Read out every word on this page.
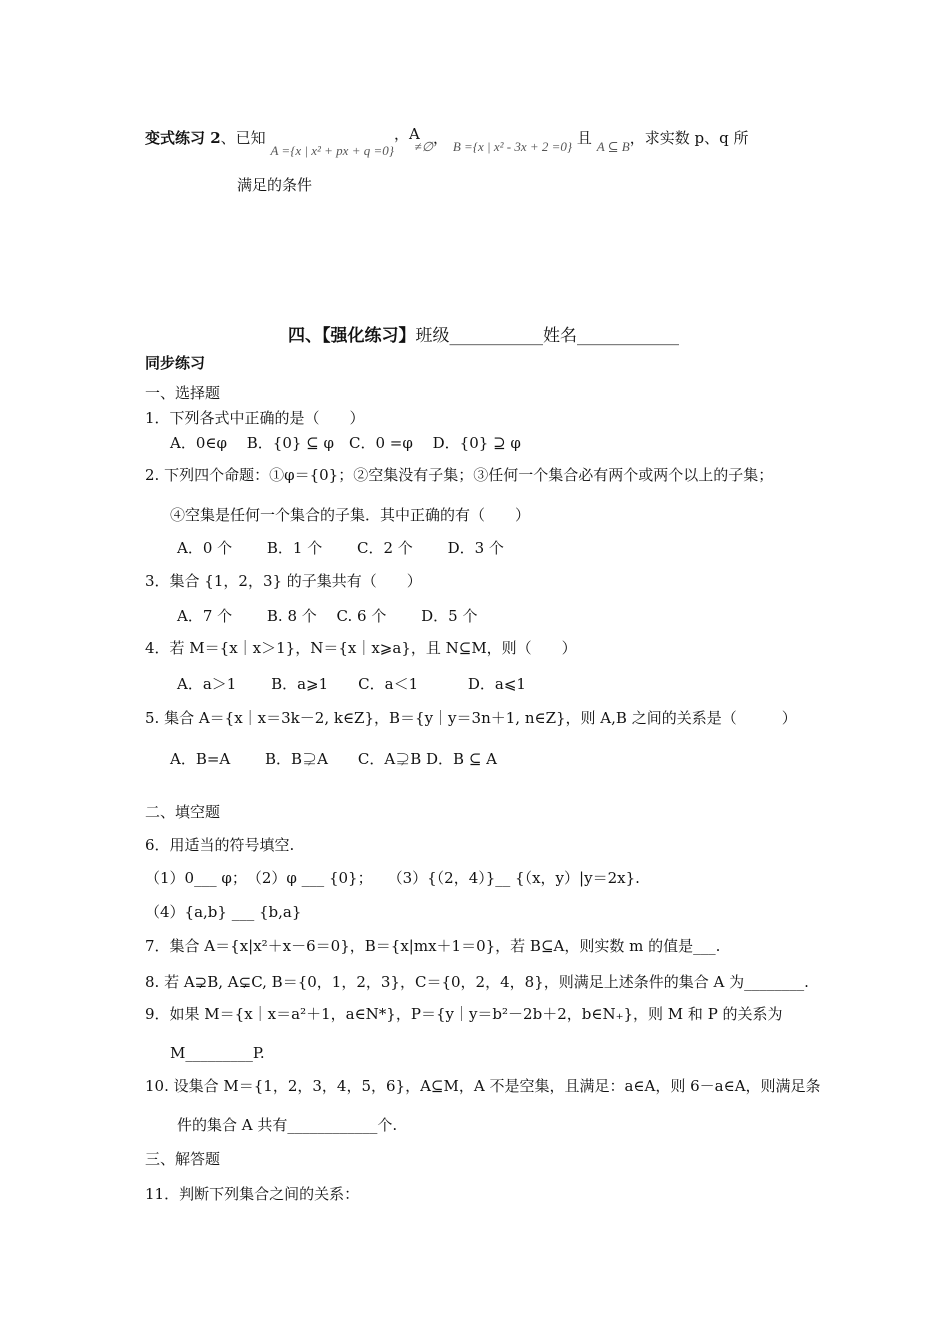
变式练习 2、已知 A ={x | x² + px + q =0}，A ≠∅， B ={x | x² - 3x + 2 =0} 且 A ⊆ B，求实数 p、q 所
满足的条件
四、【强化练习】班级___________姓名____________
同步练习
一、选择题
1．下列各式中正确的是（　　）
A．0∈φ　 B．{0} ⊆ φ　C．0 =φ　 D．{0} ⊇ φ
2. 下列四个命题：①φ＝{0}；②空集没有子集；③任何一个集合必有两个或两个以上的子集；
④空集是任何一个集合的子集．其中正确的有（　　）
A．0 个　　 B．1 个　　 C．2 个　　 D．3 个
3．集合 {1，2，3} 的子集共有（　　）
A．7 个　　 B. 8 个　 C. 6 个　　 D．5 个
4．若 M＝{x｜x＞1}，N＝{x｜x⩾a}，且 N⊆M，则（　　）
A．a＞1　　 B．a⩾1　　C．a＜1　　　 D．a⩽1
5. 集合 A＝{x｜x＝3k－2, k∈Z}，B＝{y｜y＝3n＋1, n∈Z}，则 A,B 之间的关系是（　　　）
A．B=A　　 B．B⊋A　　C．A⊋B D．B ⊆ A
二、填空题
6．用适当的符号填空.
（1）0___ φ；　（2）φ ___ {0}；　　（3）{（2，4）}__ {（x，y）|y＝2x}.
（4）{a,b} ___ {b,a}
7．集合 A＝{x|x²＋x－6＝0}，B＝{x|mx＋1＝0}，若 B⊆A，则实数 m 的值是___.
8. 若 A⊋B, A⊊C, B＝{0，1，2，3}，C＝{0，2，4，8}，则满足上述条件的集合 A 为________.
9．如果 M＝{x｜x＝a²＋1，a∈N*}，P＝{y｜y＝b²－2b＋2，b∈N₊}，则 M 和 P 的关系为
M_________P.
10. 设集合 M＝{1，2，3，4，5，6}，A⊆M，A 不是空集，且满足：a∈A，则 6－a∈A，则满足条
件的集合 A 共有____________个.
三、解答题
11．判断下列集合之间的关系：
